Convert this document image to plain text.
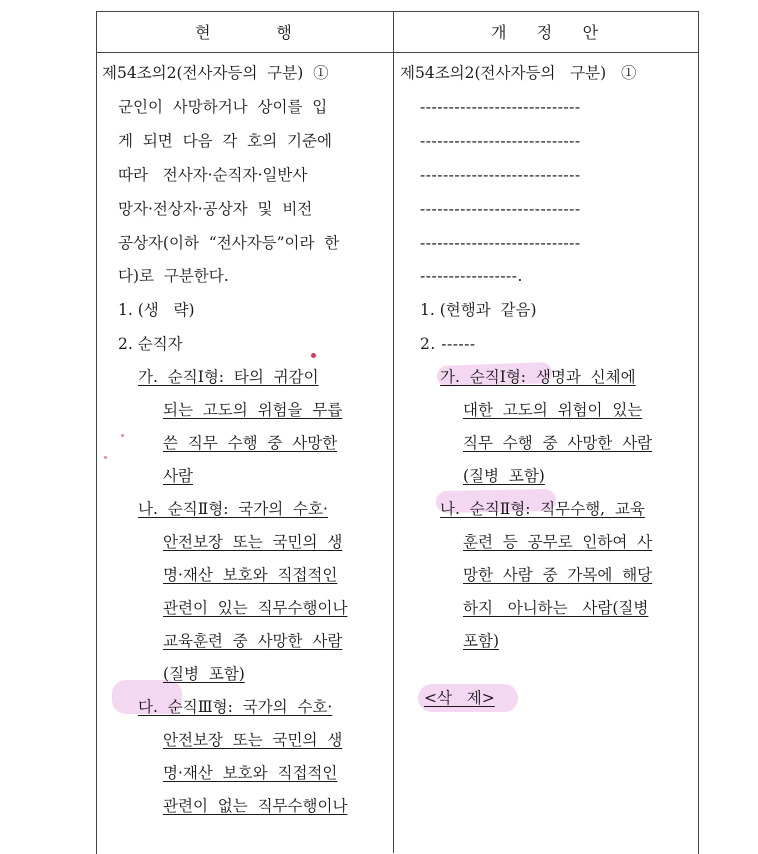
현         행	개    정    안
제54조의2(전사자등의  구분)  ①
군인이  사망하거나  상이를  입
게  되면  다음  각  호의  기준에
따라   전사자·순직자·일반사
망자·전상자·공상자  및  비전
공상자(이하  “전사자등”이라  한
다)로  구분한다.
1. (생   략)
2. 순직자
가.  순직Ⅰ형:  타의  귀감이
되는  고도의  위험을  무릅
쓴  직무  수행  중  사망한
사람
나.  순직Ⅱ형:  국가의  수호·
안전보장  또는  국민의  생
명·재산  보호와  직접적인
관련이  있는  직무수행이나
교육훈련  중  사망한  사람
(질병  포함)
다.  순직Ⅲ형:  국가의  수호·
안전보장  또는  국민의  생
명·재산  보호와  직접적인
관련이  없는  직무수행이나
제54조의2(전사자등의   구분)   ①
----------------------------
----------------------------
----------------------------
----------------------------
----------------------------
-----------------.
1. (현행과  같음)
2. ------
가.  순직Ⅰ형:  생명과  신체에
대한  고도의  위험이  있는
직무  수행  중  사망한  사람
(질병  포함)
나.  순직Ⅱ형:  직무수행,  교육
훈련  등  공무로  인하여  사
망한  사람  중  가목에  해당
하지   아니하는   사람(질병
포함)
<삭   제>
